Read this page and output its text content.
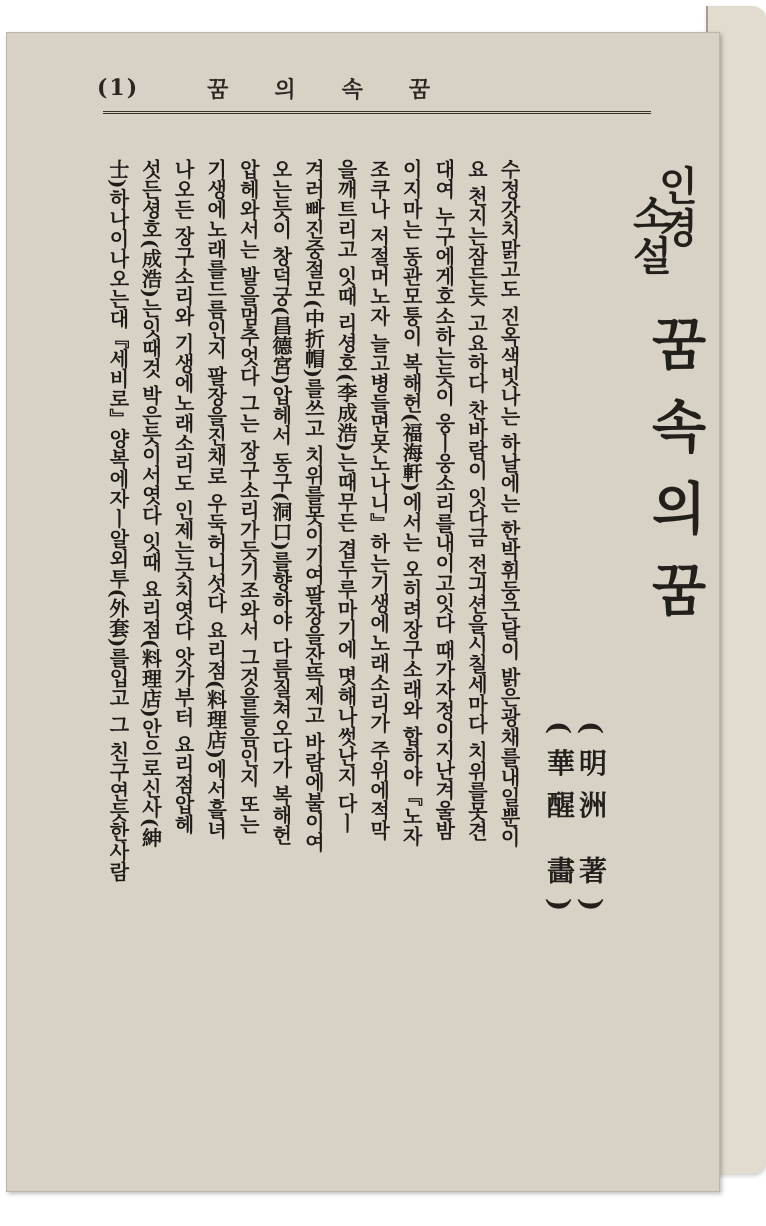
(1)	꿈의속꿈
인경
소설
꿈속의꿈
(明洲 著)
(華醒 畵)
수정갓치맑고도 진옥색빗나는 하날에는 한박휘둥근달이 밝은광채를내일뿐이
요 천지는잠든듯 고요하다 찬바람이 잇다금 전긔션을시칠세마다 치위를못견
대여 누구에게호소하는듯이 웅ㅣ웅소리를내이고잇다 때가자정이지난겨울밤
이지마는 동관모퉁이 복해헌(福海軒)에서는 오히려장구소래와 합하야『노자
조쿠나 저절머노자 늘고병들면못노나니』하는기생에노래소리가 주위에적막
을깨트리고 잇때 리셩호(李成浩)는때무든 겹두루마기에 몃해나썻난지 다ㅣ
겨러빠진중절모(中折帽)를쓰고 치위를못이기여팔장을잔뜩제고 바람에불이여
오는듯이 창덕궁(昌德宮)압헤서 동구(洞口)를향하야 다름질쳐오다가 복해헌
압헤와서는 발을멈추엇다 그는 장구소리가듯기조와서 그것을들음인지 또는
기생에노래를드름인지 팔장을진채로 우둑허니섯다 요리점(料理店)에서흘녀
나오든 장구소리와 기생에노래소리도 인제는긋치엿다 앗가부터 요리점압헤
섯든셩호(成浩)는잇때것 박은듯이서엿다 잇때 요리점(料理店)안으로신사(紳
士)하나이나오는대『세비로』양복에자ㅣ알외투(外套)를입고 그 친구연듯한사람
